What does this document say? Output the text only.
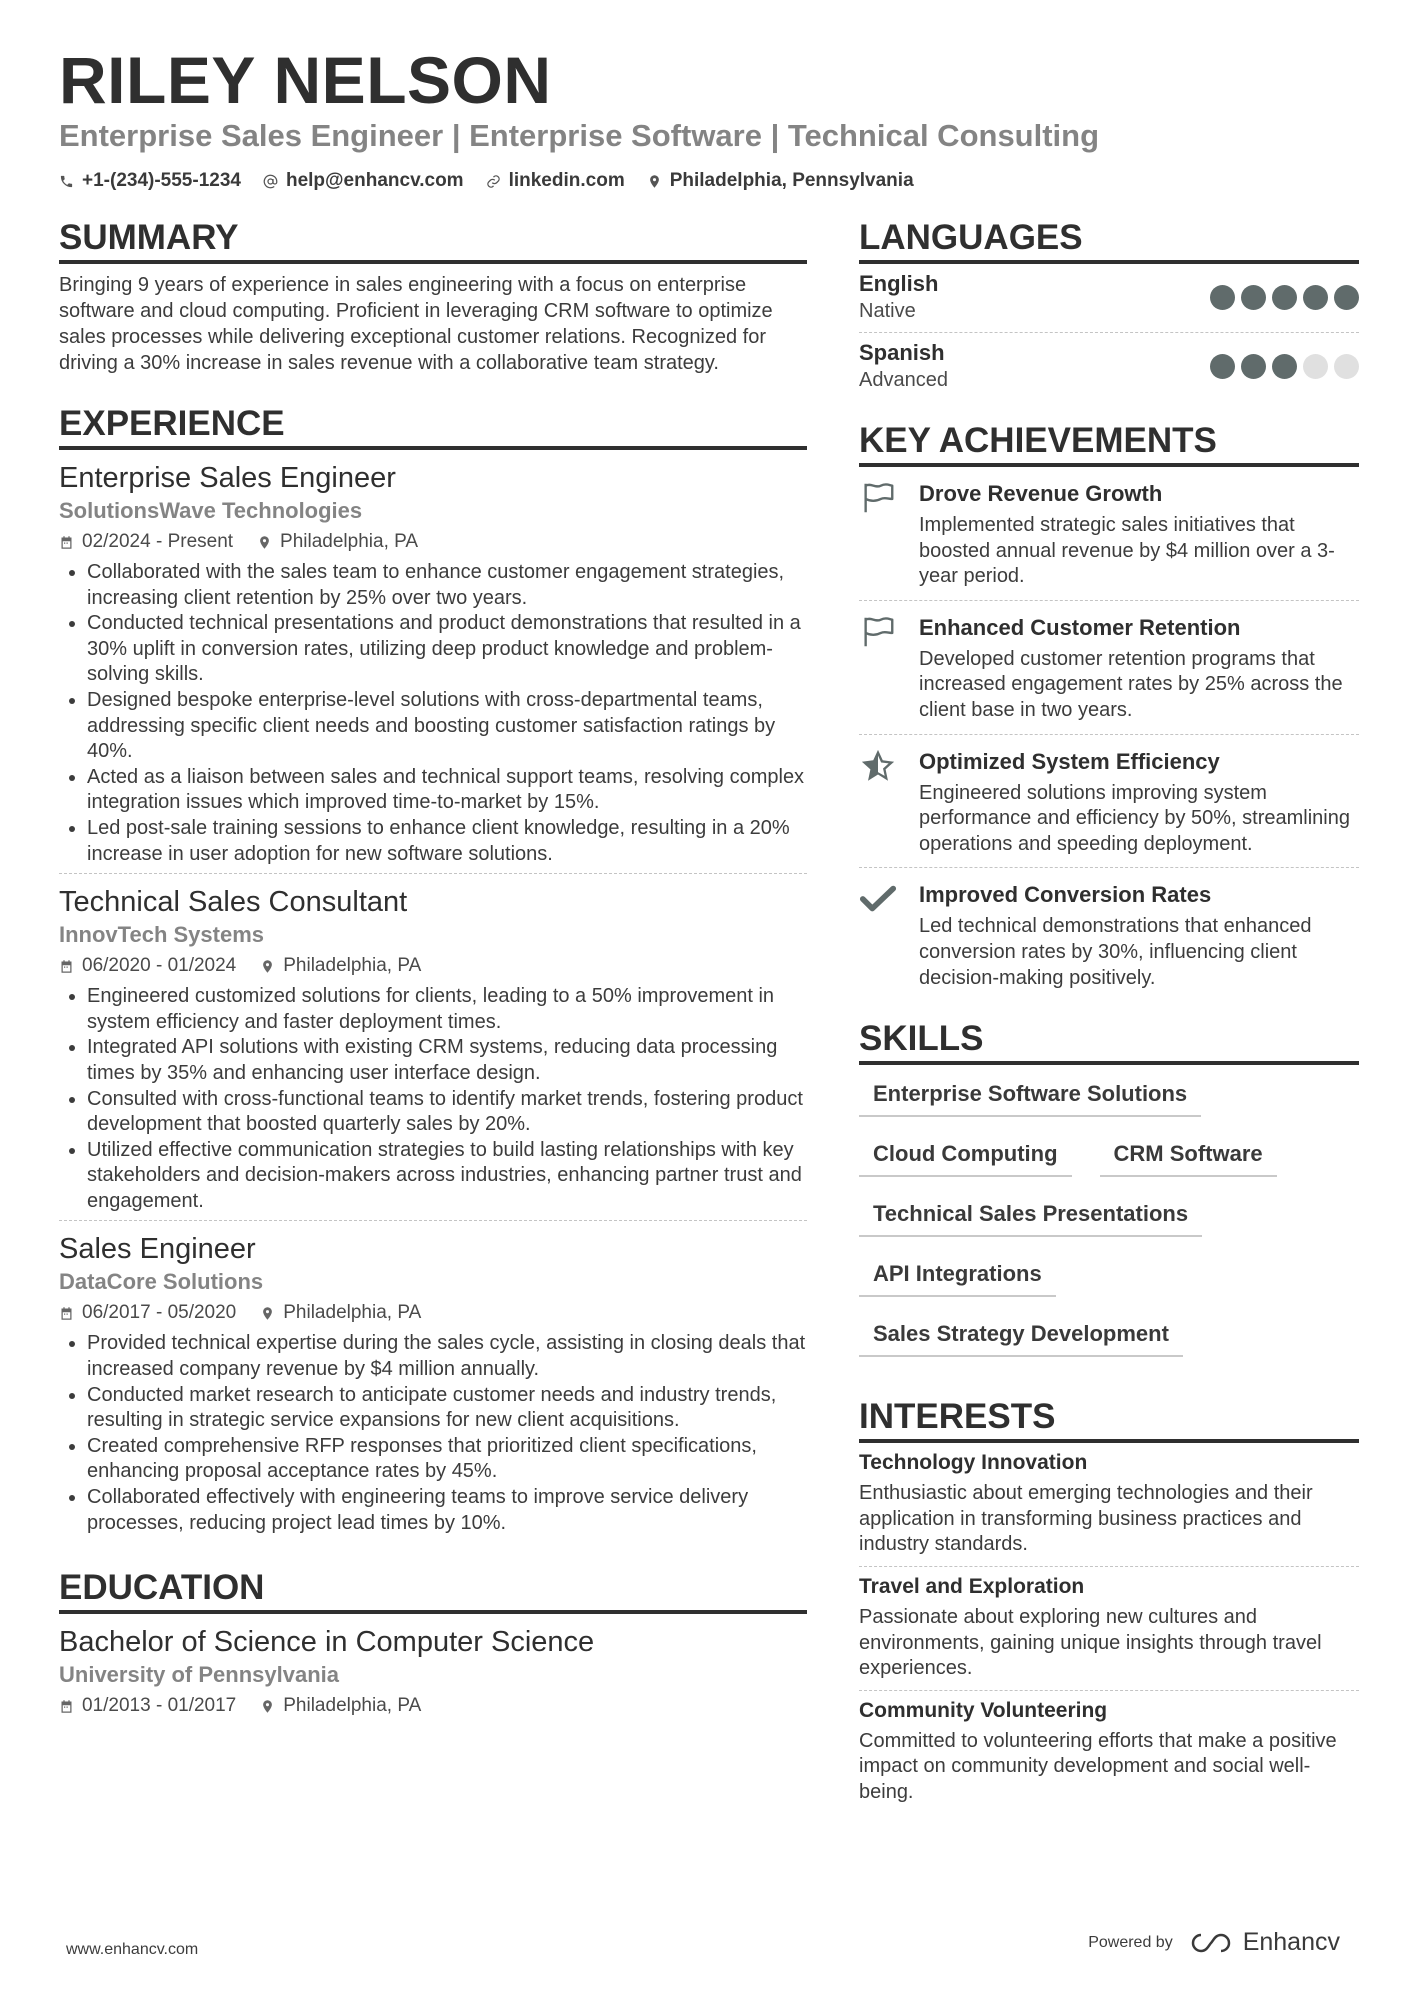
RILEY NELSON
Enterprise Sales Engineer | Enterprise Software | Technical Consulting
+1-(234)-555-1234 help@enhancv.com linkedin.com Philadelphia, Pennsylvania
SUMMARY
Bringing 9 years of experience in sales engineering with a focus on enterprise software and cloud computing. Proficient in leveraging CRM software to optimize sales processes while delivering exceptional customer relations. Recognized for driving a 30% increase in sales revenue with a collaborative team strategy.
EXPERIENCE
Enterprise Sales Engineer
SolutionsWave Technologies
02/2024 - Present Philadelphia, PA
• Collaborated with the sales team to enhance customer engagement strategies, increasing client retention by 25% over two years.
• Conducted technical presentations and product demonstrations that resulted in a 30% uplift in conversion rates, utilizing deep product knowledge and problem-solving skills.
• Designed bespoke enterprise-level solutions with cross-departmental teams, addressing specific client needs and boosting customer satisfaction ratings by 40%.
• Acted as a liaison between sales and technical support teams, resolving complex integration issues which improved time-to-market by 15%.
• Led post-sale training sessions to enhance client knowledge, resulting in a 20% increase in user adoption for new software solutions.
Technical Sales Consultant
InnovTech Systems
06/2020 - 01/2024 Philadelphia, PA
• Engineered customized solutions for clients, leading to a 50% improvement in system efficiency and faster deployment times.
• Integrated API solutions with existing CRM systems, reducing data processing times by 35% and enhancing user interface design.
• Consulted with cross-functional teams to identify market trends, fostering product development that boosted quarterly sales by 20%.
• Utilized effective communication strategies to build lasting relationships with key stakeholders and decision-makers across industries, enhancing partner trust and engagement.
Sales Engineer
DataCore Solutions
06/2017 - 05/2020 Philadelphia, PA
• Provided technical expertise during the sales cycle, assisting in closing deals that increased company revenue by $4 million annually.
• Conducted market research to anticipate customer needs and industry trends, resulting in strategic service expansions for new client acquisitions.
• Created comprehensive RFP responses that prioritized client specifications, enhancing proposal acceptance rates by 45%.
• Collaborated effectively with engineering teams to improve service delivery processes, reducing project lead times by 10%.
EDUCATION
Bachelor of Science in Computer Science
University of Pennsylvania
01/2013 - 01/2017 Philadelphia, PA
LANGUAGES
English
Native
Spanish
Advanced
KEY ACHIEVEMENTS
Drove Revenue Growth
Implemented strategic sales initiatives that boosted annual revenue by $4 million over a 3-year period.
Enhanced Customer Retention
Developed customer retention programs that increased engagement rates by 25% across the client base in two years.
Optimized System Efficiency
Engineered solutions improving system performance and efficiency by 50%, streamlining operations and speeding deployment.
Improved Conversion Rates
Led technical demonstrations that enhanced conversion rates by 30%, influencing client decision-making positively.
SKILLS
Enterprise Software Solutions
Cloud Computing	CRM Software
Technical Sales Presentations
API Integrations
Sales Strategy Development
INTERESTS
Technology Innovation
Enthusiastic about emerging technologies and their application in transforming business practices and industry standards.
Travel and Exploration
Passionate about exploring new cultures and environments, gaining unique insights through travel experiences.
Community Volunteering
Committed to volunteering efforts that make a positive impact on community development and social well-being.
www.enhancv.com	Powered by	Enhancv
